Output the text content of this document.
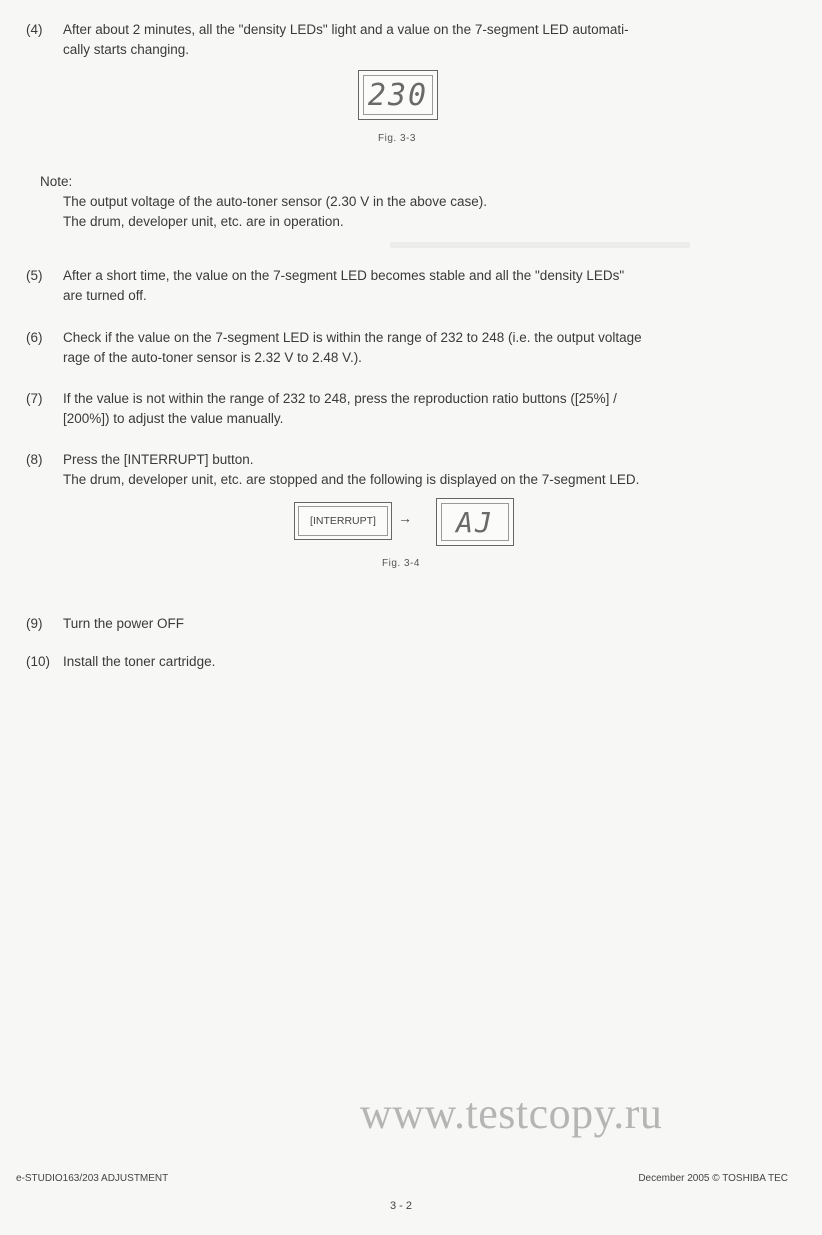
(4)	After about 2 minutes, all the "density LEDs" light and a value on the 7-segment LED automati-
cally starts changing.
230
Fig. 3-3
Note:
The output voltage of the auto-toner sensor (2.30 V in the above case).
The drum, developer unit, etc. are in operation.
(5)	After a short time, the value on the 7-segment LED becomes stable and all the "density LEDs"
are turned off.
(6)	Check if the value on the 7-segment LED is within the range of 232 to 248 (i.e. the output voltage
rage of the auto-toner sensor is 2.32 V to 2.48 V.).
(7)	If the value is not within the range of 232 to 248, press the reproduction ratio buttons ([25%] /
[200%]) to adjust the value manually.
(8)	Press the [INTERRUPT] button.
The drum, developer unit, etc. are stopped and the following is displayed on the 7-segment LED.
[INTERRUPT]	→	AJ
Fig. 3-4
(9)	Turn the power OFF
(10) Install the toner cartridge.
www.testcopy.ru
e-STUDIO163/203 ADJUSTMENT	December 2005 © TOSHIBA TEC
3 - 2
